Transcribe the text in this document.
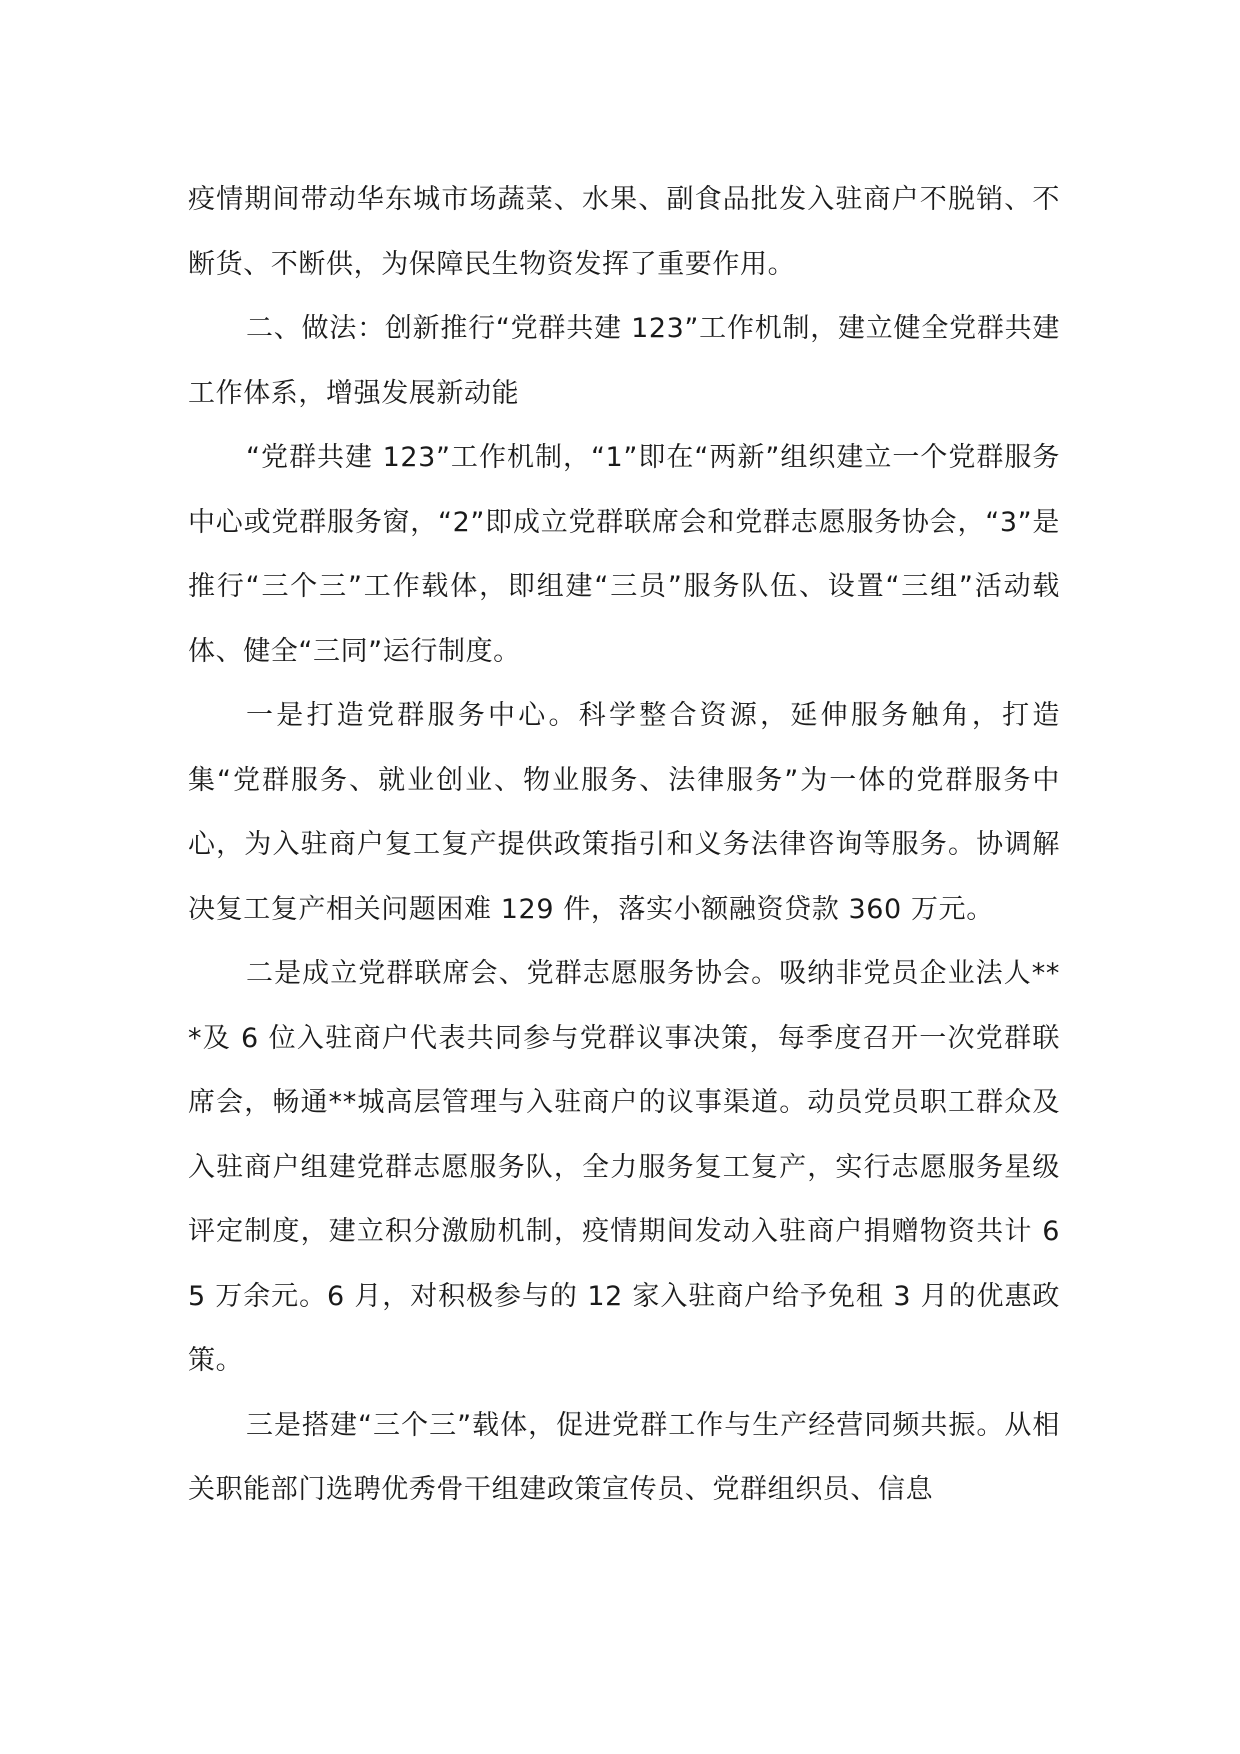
疫情期间带动华东城市场蔬菜、水果、副食品批发入驻商户不脱销、不断货、不断供，为保障民生物资发挥了重要作用。

二、做法：创新推行“党群共建 123”工作机制，建立健全党群共建工作体系，增强发展新动能

“党群共建 123”工作机制，“1”即在“两新”组织建立一个党群服务中心或党群服务窗，“2”即成立党群联席会和党群志愿服务协会，“3”是推行“三个三”工作载体，即组建“三员”服务队伍、设置“三组”活动载体、健全“三同”运行制度。

一是打造党群服务中心。科学整合资源，延伸服务触角，打造集“党群服务、就业创业、物业服务、法律服务”为一体的党群服务中心，为入驻商户复工复产提供政策指引和义务法律咨询等服务。协调解决复工复产相关问题困难 129 件，落实小额融资贷款 360 万元。

二是成立党群联席会、党群志愿服务协会。吸纳非党员企业法人***及 6 位入驻商户代表共同参与党群议事决策，每季度召开一次党群联席会，畅通**城高层管理与入驻商户的议事渠道。动员党员职工群众及入驻商户组建党群志愿服务队，全力服务复工复产，实行志愿服务星级评定制度，建立积分激励机制，疫情期间发动入驻商户捐赠物资共计 65 万余元。6 月，对积极参与的 12 家入驻商户给予免租 3 月的优惠政策。

三是搭建“三个三”载体，促进党群工作与生产经营同频共振。从相关职能部门选聘优秀骨干组建政策宣传员、党群组织员、信息
